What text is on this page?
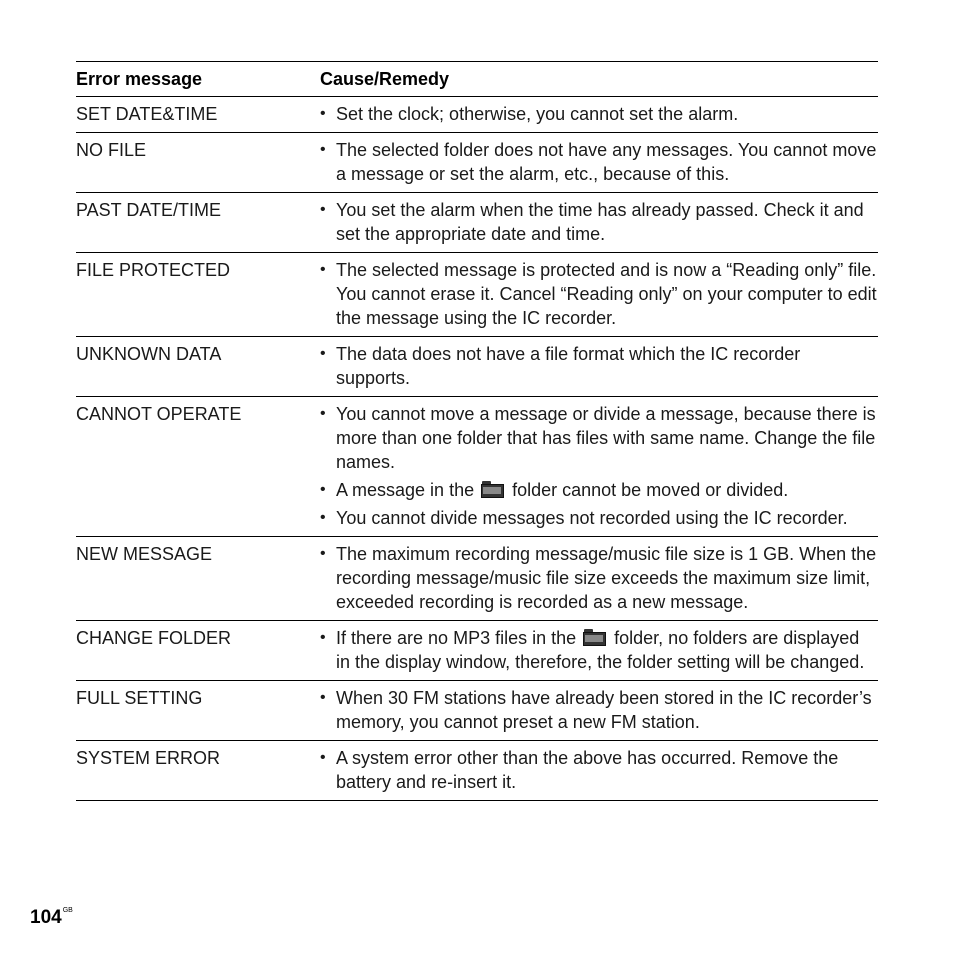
Error message	Cause/Remedy
SET DATE&TIME	• Set the clock; otherwise, you cannot set the alarm.
NO FILE	• The selected folder does not have any messages. You cannot move a message or set the alarm, etc., because of this.
PAST DATE/TIME	• You set the alarm when the time has already passed. Check it and set the appropriate date and time.
FILE PROTECTED	• The selected message is protected and is now a “Reading only” file. You cannot erase it. Cancel “Reading only” on your computer to edit the message using the IC recorder.
UNKNOWN DATA	• The data does not have a file format which the IC recorder supports.
CANNOT OPERATE	• You cannot move a message or divide a message, because there is more than one folder that has files with same name. Change the file names.
• A message in the
folder cannot be moved or divided.
• You cannot divide messages not recorded using the IC recorder.
NEW MESSAGE	• The maximum recording message/music file size is 1 GB. When the recording message/music file size exceeds the maximum size limit, exceeded recording is recorded as a new message.
CHANGE FOLDER	• If there are no MP3 files in the
folder, no folders are displayed in the display window, therefore, the folder setting will be changed.
FULL SETTING	• When 30 FM stations have already been stored in the IC recorder’s memory, you cannot preset a new FM station.
SYSTEM ERROR	• A system error other than the above has occurred. Remove the battery and re-insert it.
$104^{GB}$
